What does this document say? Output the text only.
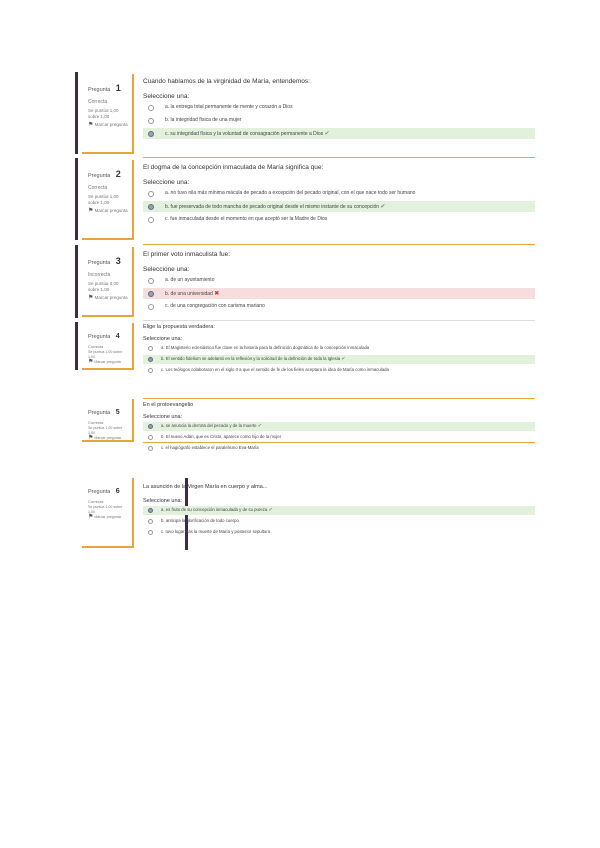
Pregunta 1
Correcta
Se puntúa 1,00 sobre 1,00
⚑ Marcar pregunta
Cuando hablamos de la virginidad de María, entendemos:
Seleccione una:
a. la entrega total permanente de mente y corazón a Dios
b. la integridad física de una mujer
c. su integridad física y la voluntad de consagración permanente a Dios ✔
Pregunta 2
Correcta
Se puntúa 1,00 sobre 1,00
⚑ Marcar pregunta
El dogma de la concepción inmaculada de María significa que:
Seleccione una:
a. no tuvo nila más mínima mácula de pecado a excepción del pecado original, con el que nace todo ser humano
b. fue preservada de todo mancha de pecado original desde el mismo instante de su concepción ✔
c. fue inmaculada desde el momento en que aceptó ser la Madre de Dios
Pregunta 3
Incorrecta
Se puntúa 0,00 sobre 1,00
⚑ Marcar pregunta
El primer voto inmaculista fue:
Seleccione una:
a. de un ayuntamiento
b. de una universidad ✖
c. de una congregación con carisma mariano
Pregunta 4
Correcta
Se puntúa 1,00 sobre 1,00
⚑ Marcar pregunta
Elige la propuesta verdadera:
Seleccione una:
a. El Magisterio eclesiástico fue clave en la historia para la definición dogmática de la concepción inmaculada
b. El sentido fidelium se adelantó en la reflexión y la solicitud de la definición de toda la Iglesia ✔
c. Los teólogos colaboraron en el siglo II a que el sentido de fe de los fieles aceptara la idea de María como inmaculada
Pregunta 5
Correcta
Se puntúa 1,00 sobre 1,00
⚑ Marcar pregunta
En el protoevangelio
Seleccione una:
a. se anuncia la derrota del pecado y de la muerte ✔
b. El nuevo Adán, que es Cristo, aparece como hijo de la mujer
c. el hagiógrafo establece el paralelismo Eva-María
Pregunta 6
Correcta
Se puntúa 1,00 sobre 1,00
⚑ Marcar pregunta
La asunción de la Virgen María en cuerpo y alma...
Seleccione una:
a. es fruto de su concepción inmaculada y de su pureza ✔
b. anticipa la glorificación de todo cuerpo
c. tuvo lugar tras la muerte de María y posterior sepultura
